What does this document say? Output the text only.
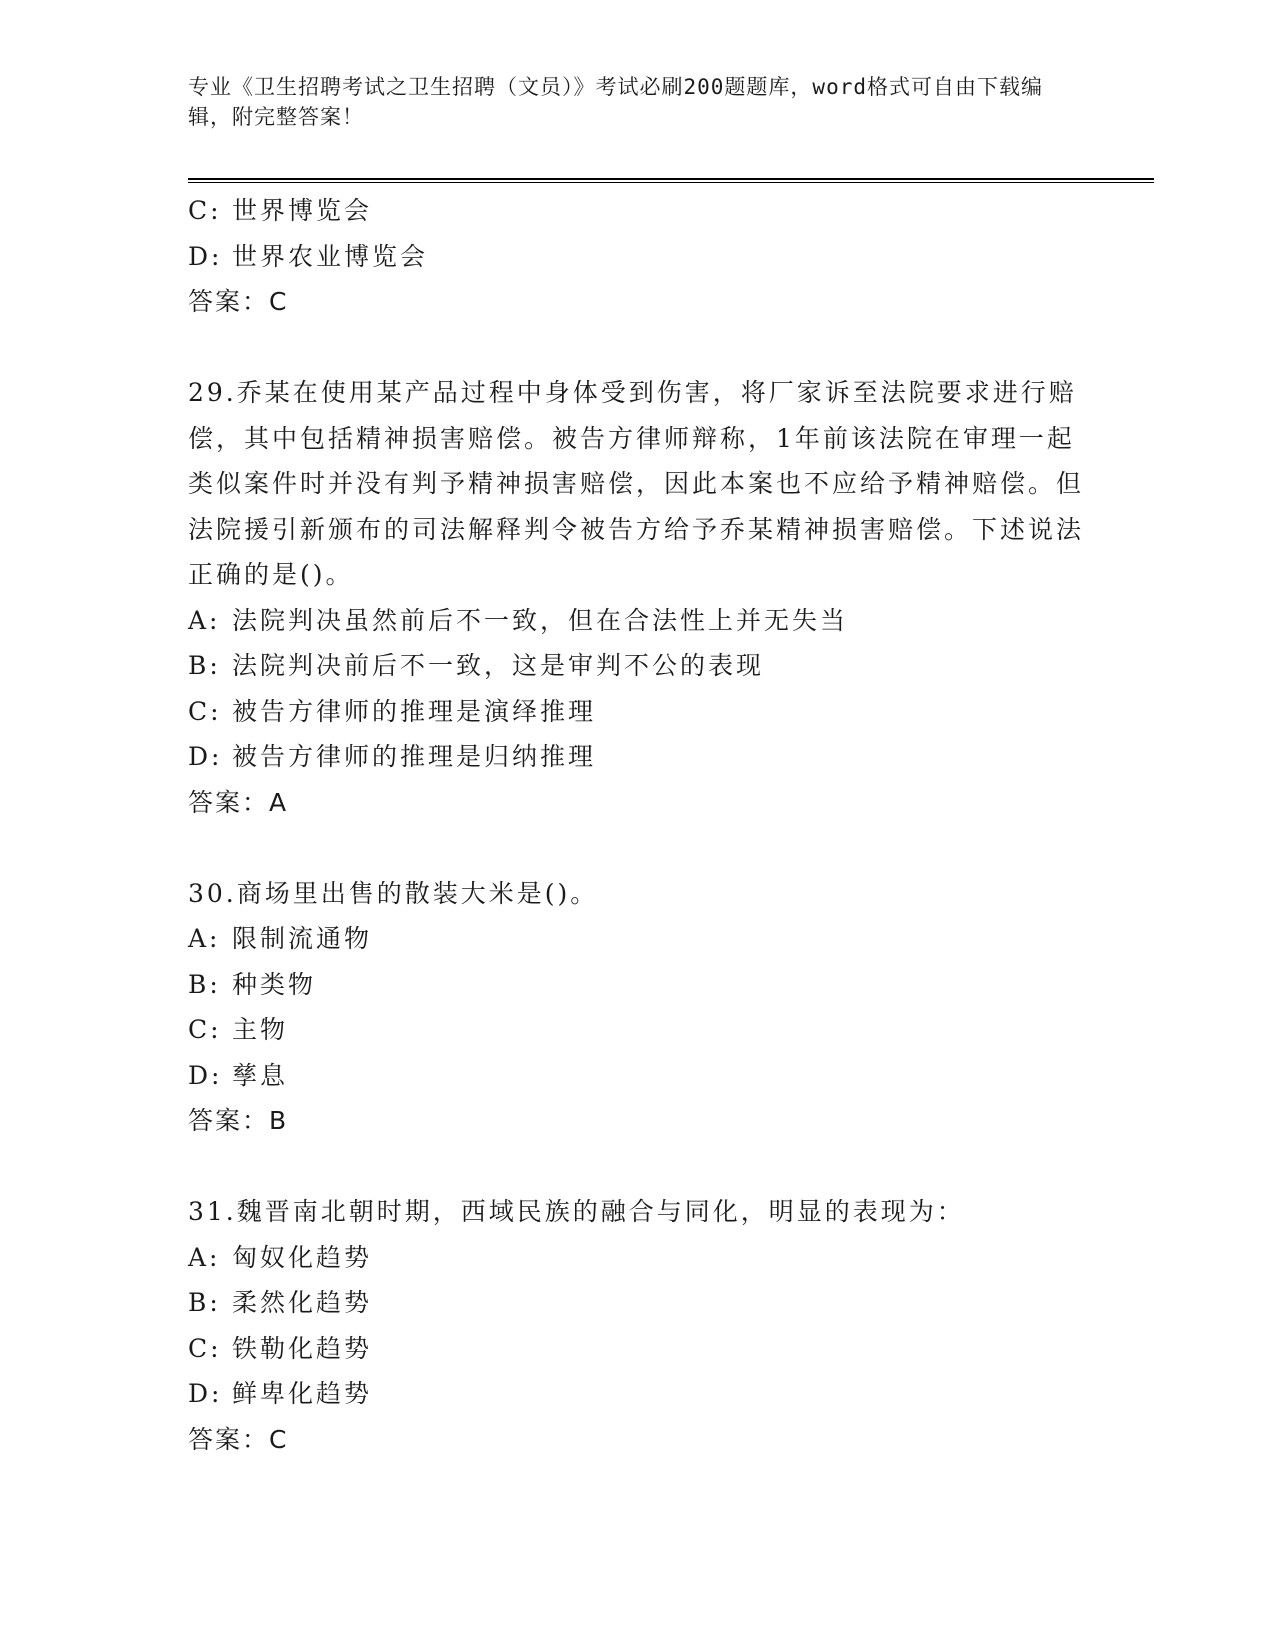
专业《卫生招聘考试之卫生招聘（文员）》考试必刷200题题库，word格式可自由下载编辑，附完整答案！

C: 世界博览会

D: 世界农业博览会

答案：C

29.乔某在使用某产品过程中身体受到伤害，将厂家诉至法院要求进行赔偿，其中包括精神损害赔偿。被告方律师辩称，1年前该法院在审理一起类似案件时并没有判予精神损害赔偿，因此本案也不应给予精神赔偿。但法院援引新颁布的司法解释判令被告方给予乔某精神损害赔偿。下述说法正确的是()。

A: 法院判决虽然前后不一致，但在合法性上并无失当

B: 法院判决前后不一致，这是审判不公的表现

C: 被告方律师的推理是演绎推理

D: 被告方律师的推理是归纳推理

答案：A

30.商场里出售的散装大米是()。

A: 限制流通物

B: 种类物

C: 主物

D: 孳息

答案：B

31.魏晋南北朝时期，西域民族的融合与同化，明显的表现为：

A: 匈奴化趋势

B: 柔然化趋势

C: 铁勒化趋势

D: 鲜卑化趋势

答案：C
